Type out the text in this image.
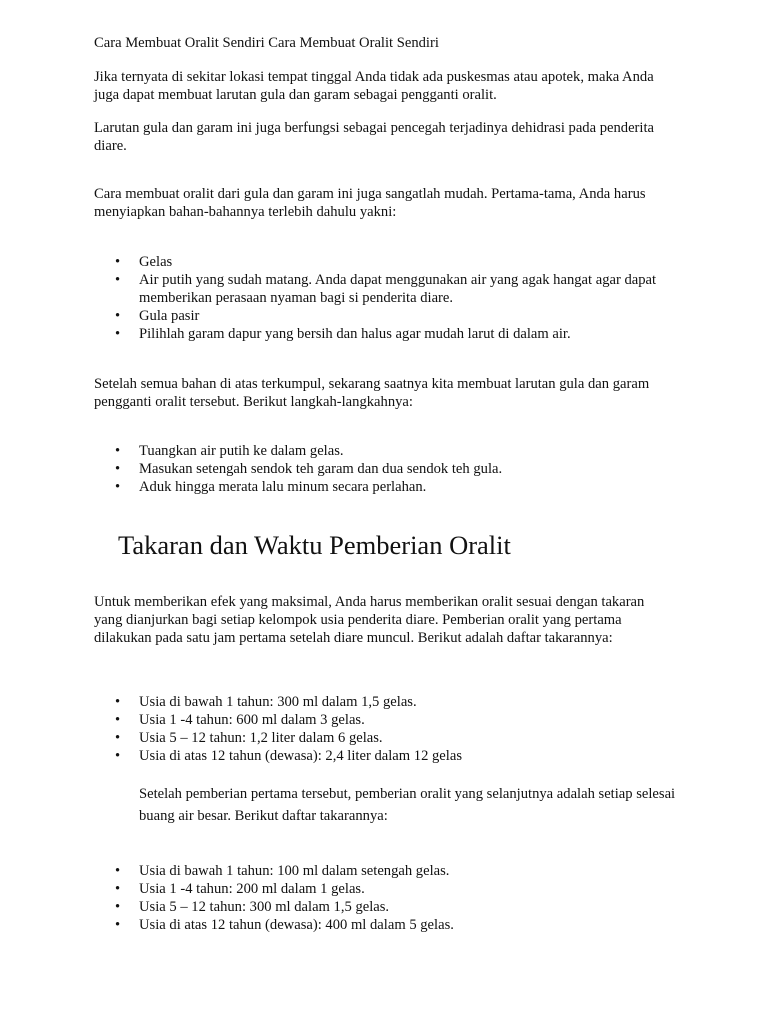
Cara Membuat Oralit Sendiri Cara Membuat Oralit Sendiri

Jika ternyata di sekitar lokasi tempat tinggal Anda tidak ada puskesmas atau apotek, maka Anda juga dapat membuat larutan gula dan garam sebagai pengganti oralit.

Larutan gula dan garam ini juga berfungsi sebagai pencegah terjadinya dehidrasi pada penderita diare.

Cara membuat oralit dari gula dan garam ini juga sangatlah mudah. Pertama-tama, Anda harus menyiapkan bahan-bahannya terlebih dahulu yakni:

• Gelas
• Air putih yang sudah matang. Anda dapat menggunakan air yang agak hangat agar dapat memberikan perasaan nyaman bagi si penderita diare.
• Gula pasir
• Pilihlah garam dapur yang bersih dan halus agar mudah larut di dalam air.

Setelah semua bahan di atas terkumpul, sekarang saatnya kita membuat larutan gula dan garam pengganti oralit tersebut. Berikut langkah-langkahnya:

• Tuangkan air putih ke dalam gelas.
• Masukan setengah sendok teh garam dan dua sendok teh gula.
• Aduk hingga merata lalu minum secara perlahan.
Takaran dan Waktu Pemberian Oralit

Untuk memberikan efek yang maksimal, Anda harus memberikan oralit sesuai dengan takaran yang dianjurkan bagi setiap kelompok usia penderita diare. Pemberian oralit yang pertama dilakukan pada satu jam pertama setelah diare muncul. Berikut adalah daftar takarannya:

• Usia di bawah 1 tahun: 300 ml dalam 1,5 gelas.
• Usia 1 -4 tahun: 600 ml dalam 3 gelas.
• Usia 5 – 12 tahun: 1,2 liter dalam 6 gelas.
• Usia di atas 12 tahun (dewasa): 2,4 liter dalam 12 gelas

Setelah pemberian pertama tersebut, pemberian oralit yang selanjutnya adalah setiap selesai buang air besar. Berikut daftar takarannya:

• Usia di bawah 1 tahun: 100 ml dalam setengah gelas.
• Usia 1 -4 tahun: 200 ml dalam 1 gelas.
• Usia 5 – 12 tahun: 300 ml dalam 1,5 gelas.
• Usia di atas 12 tahun (dewasa): 400 ml dalam 5 gelas.
